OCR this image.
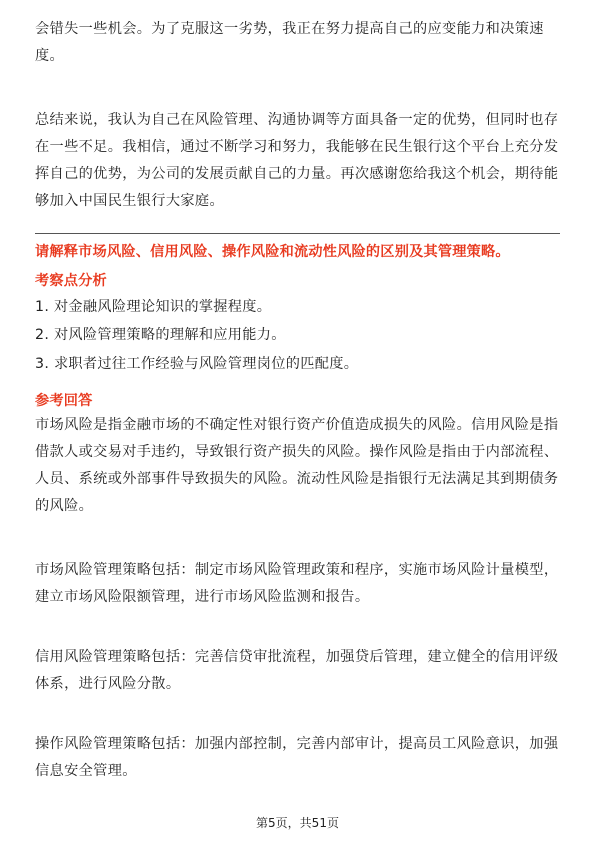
会错失一些机会。为了克服这一劣势，我正在努力提高自己的应变能力和决策速度。

总结来说，我认为自己在风险管理、沟通协调等方面具备一定的优势，但同时也存在一些不足。我相信，通过不断学习和努力，我能够在民生银行这个平台上充分发挥自己的优势，为公司的发展贡献自己的力量。再次感谢您给我这个机会，期待能够加入中国民生银行大家庭。

请解释市场风险、信用风险、操作风险和流动性风险的区别及其管理策略。

考察点分析

1. 对金融风险理论知识的掌握程度。

2. 对风险管理策略的理解和应用能力。

3. 求职者过往工作经验与风险管理岗位的匹配度。

参考回答

市场风险是指金融市场的不确定性对银行资产价值造成损失的风险。信用风险是指借款人或交易对手违约，导致银行资产损失的风险。操作风险是指由于内部流程、人员、系统或外部事件导致损失的风险。流动性风险是指银行无法满足其到期债务的风险。

市场风险管理策略包括：制定市场风险管理政策和程序，实施市场风险计量模型，建立市场风险限额管理，进行市场风险监测和报告。

信用风险管理策略包括：完善信贷审批流程，加强贷后管理，建立健全的信用评级体系，进行风险分散。

操作风险管理策略包括：加强内部控制，完善内部审计，提高员工风险意识，加强信息安全管理。

第5页，共51页
